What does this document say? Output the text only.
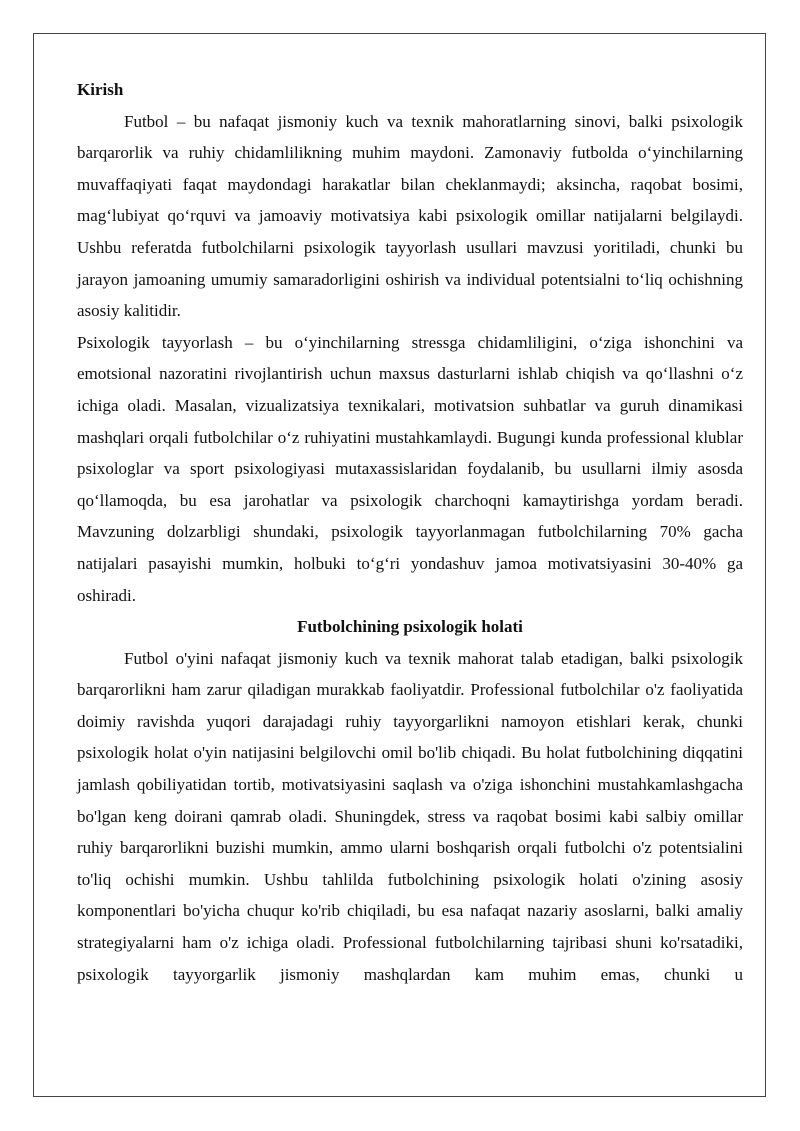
Kirish

Futbol – bu nafaqat jismoniy kuch va texnik mahoratlarning sinovi, balki psixologik barqarorlik va ruhiy chidamlilikning muhim maydoni. Zamonaviy futbolda o‘yinchilarning muvaffaqiyati faqat maydondagi harakatlar bilan cheklanmaydi; aksincha, raqobat bosimi, mag‘lubiyat qo‘rquvi va jamoaviy motivatsiya kabi psixologik omillar natijalarni belgilaydi. Ushbu referatda futbolchilarni psixologik tayyorlash usullari mavzusi yoritiladi, chunki bu jarayon jamoaning umumiy samaradorligini oshirish va individual potentsialni to‘liq ochishning asosiy kalitidir.

Psixologik tayyorlash – bu o‘yinchilarning stressga chidamliligini, o‘ziga ishonchini va emotsional nazoratini rivojlantirish uchun maxsus dasturlarni ishlab chiqish va qo‘llashni o‘z ichiga oladi. Masalan, vizualizatsiya texnikalari, motivatsion suhbatlar va guruh dinamikasi mashqlari orqali futbolchilar o‘z ruhiyatini mustahkamlaydi. Bugungi kunda professional klublar psixologlar va sport psixologiyasi mutaxassislaridan foydalanib, bu usullarni ilmiy asosda qo‘llamoqda, bu esa jarohatlar va psixologik charchoqni kamaytirishga yordam beradi. Mavzuning dolzarbligi shundaki, psixologik tayyorlanmagan futbolchilarning 70% gacha natijalari pasayishi mumkin, holbuki to‘g‘ri yondashuv jamoa motivatsiyasini 30-40% ga oshiradi.

Futbolchining psixologik holati

Futbol o'yini nafaqat jismoniy kuch va texnik mahorat talab etadigan, balki psixologik barqarorlikni ham zarur qiladigan murakkab faoliyatdir. Professional futbolchilar o'z faoliyatida doimiy ravishda yuqori darajadagi ruhiy tayyorgarlikni namoyon etishlari kerak, chunki psixologik holat o'yin natijasini belgilovchi omil bo'lib chiqadi. Bu holat futbolchining diqqatini jamlash qobiliyatidan tortib, motivatsiyasini saqlash va o'ziga ishonchini mustahkamlashgacha bo'lgan keng doirani qamrab oladi. Shuningdek, stress va raqobat bosimi kabi salbiy omillar ruhiy barqarorlikni buzishi mumkin, ammo ularni boshqarish orqali futbolchi o'z potentsialini to'liq ochishi mumkin. Ushbu tahlilda futbolchining psixologik holati o'zining asosiy komponentlari bo'yicha chuqur ko'rib chiqiladi, bu esa nafaqat nazariy asoslarni, balki amaliy strategiyalarni ham o'z ichiga oladi. Professional futbolchilarning tajribasi shuni ko'rsatadiki, psixologik tayyorgarlik jismoniy mashqlardan kam muhim emas, chunki u
